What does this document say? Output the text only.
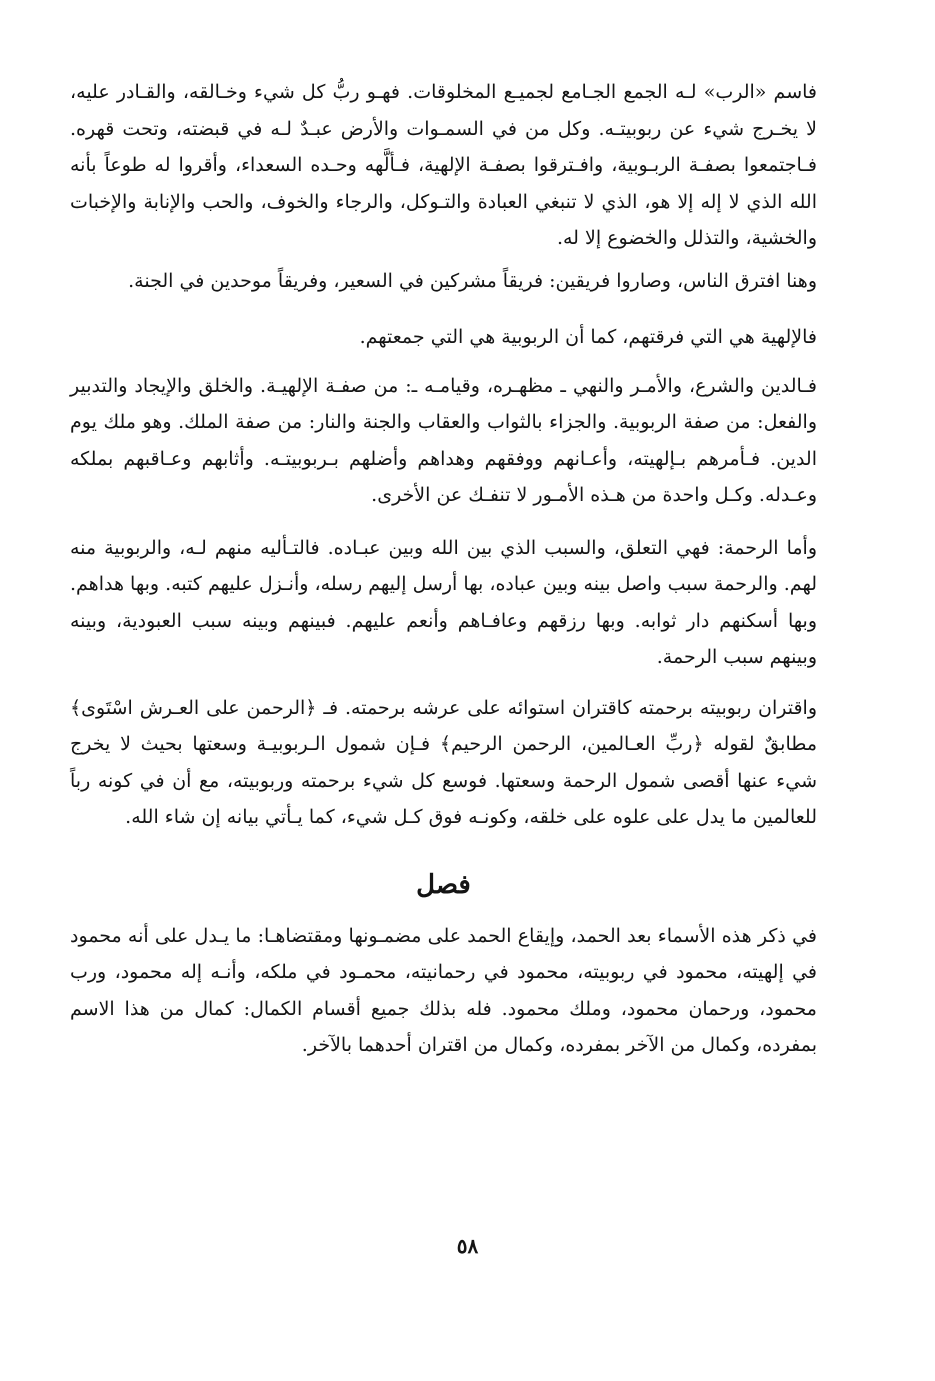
فاسم «الرب» لـه الجمع الجـامع لجميـع المخلوقات. فهـو ربُّ كل شيء وخـالقه، والقـادر عليه، لا يخـرج شيء عن ربوبيتـه. وكل من في السمـوات والأرض عبـدٌ لـه في قبضته، وتحت قهره. فـاجتمعوا بصفـة الربـوبية، وافـترقوا بصفـة الإلهية، فـألَّهه وحـده السعداء، وأقروا له طوعاً بأنه الله الذي لا إله إلا هو، الذي لا تنبغي العبادة والتـوكل، والرجاء والخوف، والحب والإنابة والإخبات والخشية، والتذلل والخضوع إلا له.

وهنا افترق الناس، وصاروا فريقين: فريقاً مشركين في السعير، وفريقاً موحدين في الجنة.

فالإلهية هي التي فرقتهم، كما أن الربوبية هي التي جمعتهم.

فـالدين والشرع، والأمـر والنهي ـ مظهـره، وقيامـه ـ: من صفـة الإلهيـة. والخلق والإيجاد والتدبير والفعل: من صفة الربوبية. والجزاء بالثواب والعقاب والجنة والنار: من صفة الملك. وهو ملك يوم الدين. فـأمرهم بـإلهيته، وأعـانهم ووفقهم وهداهم وأضلهم بـربوبيتـه. وأثابهم وعـاقبهم بملكه وعـدله. وكـل واحدة من هـذه الأمـور لا تنفـك عن الأخرى.

وأما الرحمة: فهي التعلق، والسبب الذي بين الله وبين عبـاده. فالتـأليه منهم لـه، والربوبية منه لهم. والرحمة سبب واصل بينه وبين عباده، بها أرسل إليهم رسله، وأنـزل عليهم كتبه. وبها هداهم. وبها أسكنهم دار ثوابه. وبها رزقهم وعافـاهم وأنعم عليهم. فبينهم وبينه سبب العبودية، وبينه وبينهم سبب الرحمة.

واقتران ربوبيته برحمته كاقتران استوائه على عرشه برحمته. فـ ﴿الرحمن على العـرش اسْتَوى﴾ مطابقٌ لقوله ﴿ربِّ العـالمين، الرحمن الرحيم﴾ فـإن شمول الـربوبيـة وسعتها بحيث لا يخرج شيء عنها أقصى شمول الرحمة وسعتها. فوسع كل شيء برحمته وربوبيته، مع أن في كونه رباً للعالمين ما يدل على علوه على خلقه، وكونـه فوق كـل شيء، كما يـأتي بيانه إن شاء الله.

فصل

في ذكر هذه الأسماء بعد الحمد، وإيقاع الحمد على مضمـونها ومقتضاهـا: ما يـدل على أنه محمود في إلهيته، محمود في ربوبيته، محمود في رحمانيته، محمـود في ملكه، وأنـه إله محمود، ورب محمود، ورحمان محمود، وملك محمود. فله بذلك جميع أقسام الكمال: كمال من هذا الاسم بمفرده، وكمال من الآخر بمفرده، وكمال من اقتران أحدهما بالآخر.

٥٨
